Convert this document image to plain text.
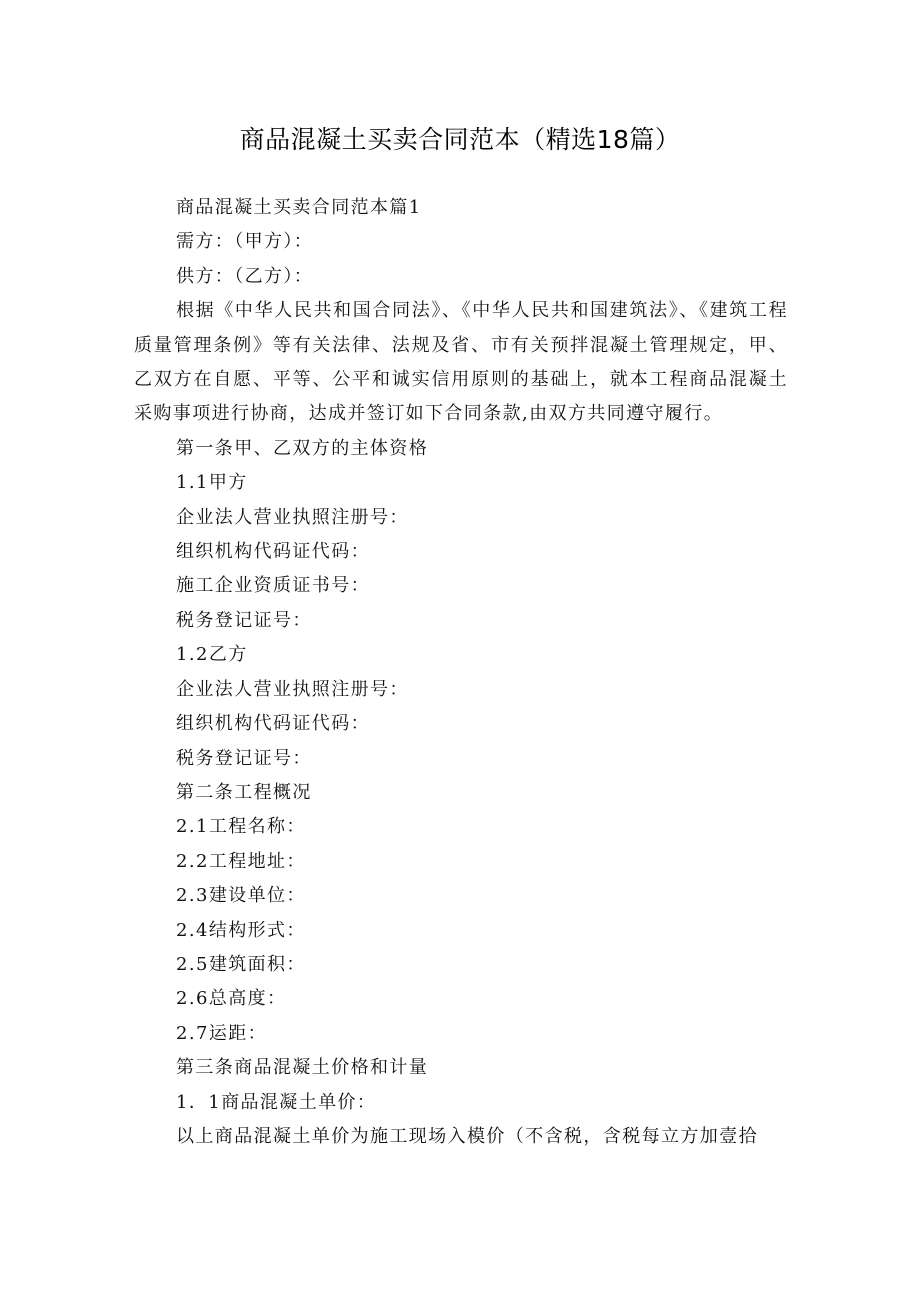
商品混凝土买卖合同范本（精选18篇）
商品混凝土买卖合同范本篇1
需方：（甲方）：
供方：（乙方）：
根据《中华人民共和国合同法》、《中华人民共和国建筑法》、《建筑工程质量管理条例》等有关法律、法规及省、市有关预拌混凝土管理规定，甲、乙双方在自愿、平等、公平和诚实信用原则的基础上，就本工程商品混凝土采购事项进行协商，达成并签订如下合同条款,由双方共同遵守履行。
第一条甲、乙双方的主体资格
1.1甲方
企业法人营业执照注册号：
组织机构代码证代码：
施工企业资质证书号：
税务登记证号：
1.2乙方
企业法人营业执照注册号：
组织机构代码证代码：
税务登记证号：
第二条工程概况
2.1工程名称：
2.2工程地址：
2.3建设单位：
2.4结构形式：
2.5建筑面积：
2.6总高度：
2.7运距：
第三条商品混凝土价格和计量
1．1商品混凝土单价：
以上商品混凝土单价为施工现场入模价（不含税，含税每立方加壹拾
